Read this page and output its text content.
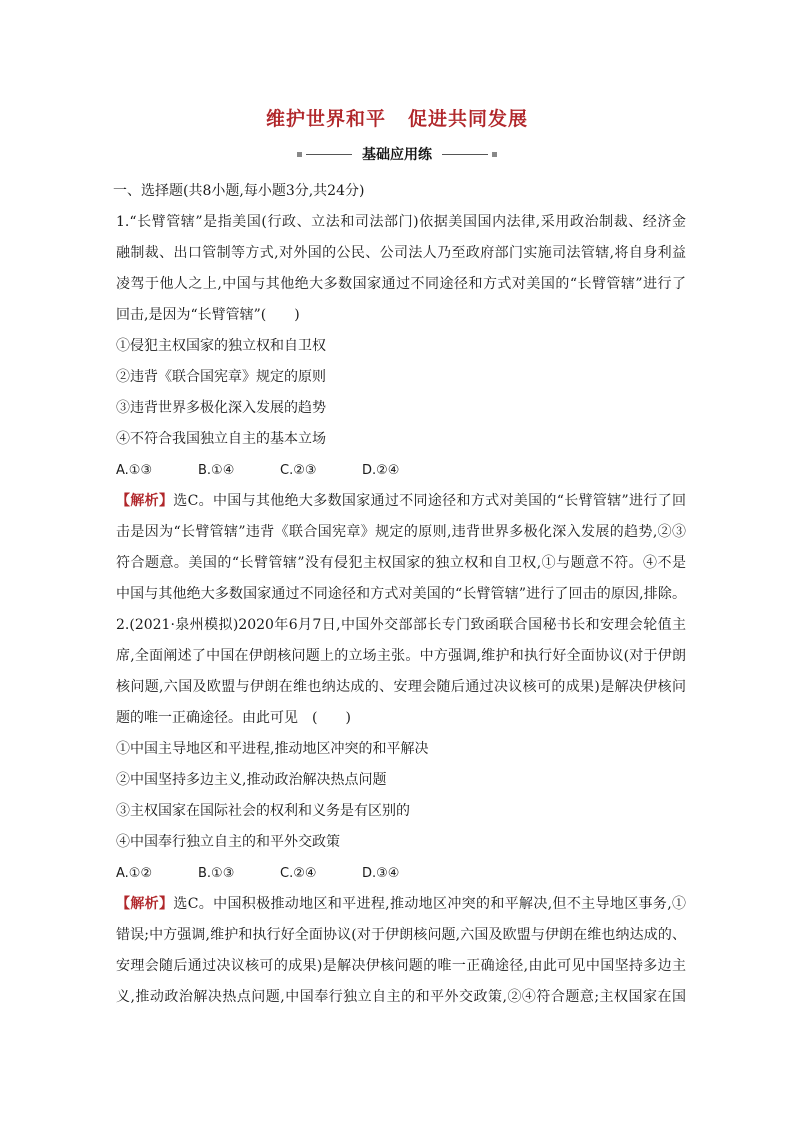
维护世界和平 促进共同发展
基础应用练
一、选择题(共8小题,每小题3分,共24分)
1.“长臂管辖”是指美国(行政、立法和司法部门)依据美国国内法律,采用政治制裁、经济金
融制裁、出口管制等方式,对外国的公民、公司法人乃至政府部门实施司法管辖,将自身利益
凌驾于他人之上,中国与其他绝大多数国家通过不同途径和方式对美国的“长臂管辖”进行了
回击,是因为“长臂管辖”(　　)
①侵犯主权国家的独立权和自卫权
②违背《联合国宪章》规定的原则
③违背世界多极化深入发展的趋势
④不符合我国独立自主的基本立场
A.①③	B.①④	C.②③	D.②④
【解析】选C。中国与其他绝大多数国家通过不同途径和方式对美国的“长臂管辖”进行了回
击是因为“长臂管辖”违背《联合国宪章》规定的原则,违背世界多极化深入发展的趋势,②③
符合题意。美国的“长臂管辖”没有侵犯主权国家的独立权和自卫权,①与题意不符。④不是
中国与其他绝大多数国家通过不同途径和方式对美国的“长臂管辖”进行了回击的原因,排除。
2.(2021·泉州模拟)2020年6月7日,中国外交部部长专门致函联合国秘书长和安理会轮值主
席,全面阐述了中国在伊朗核问题上的立场主张。中方强调,维护和执行好全面协议(对于伊朗
核问题,六国及欧盟与伊朗在维也纳达成的、安理会随后通过决议核可的成果)是解决伊核问
题的唯一正确途径。由此可见　(　　)
①中国主导地区和平进程,推动地区冲突的和平解决
②中国坚持多边主义,推动政治解决热点问题
③主权国家在国际社会的权利和义务是有区别的
④中国奉行独立自主的和平外交政策
A.①②	B.①③	C.②④	D.③④
【解析】选C。中国积极推动地区和平进程,推动地区冲突的和平解决,但不主导地区事务,①
错误;中方强调,维护和执行好全面协议(对于伊朗核问题,六国及欧盟与伊朗在维也纳达成的、
安理会随后通过决议核可的成果)是解决伊核问题的唯一正确途径,由此可见中国坚持多边主
义,推动政治解决热点问题,中国奉行独立自主的和平外交政策,②④符合题意;主权国家在国
